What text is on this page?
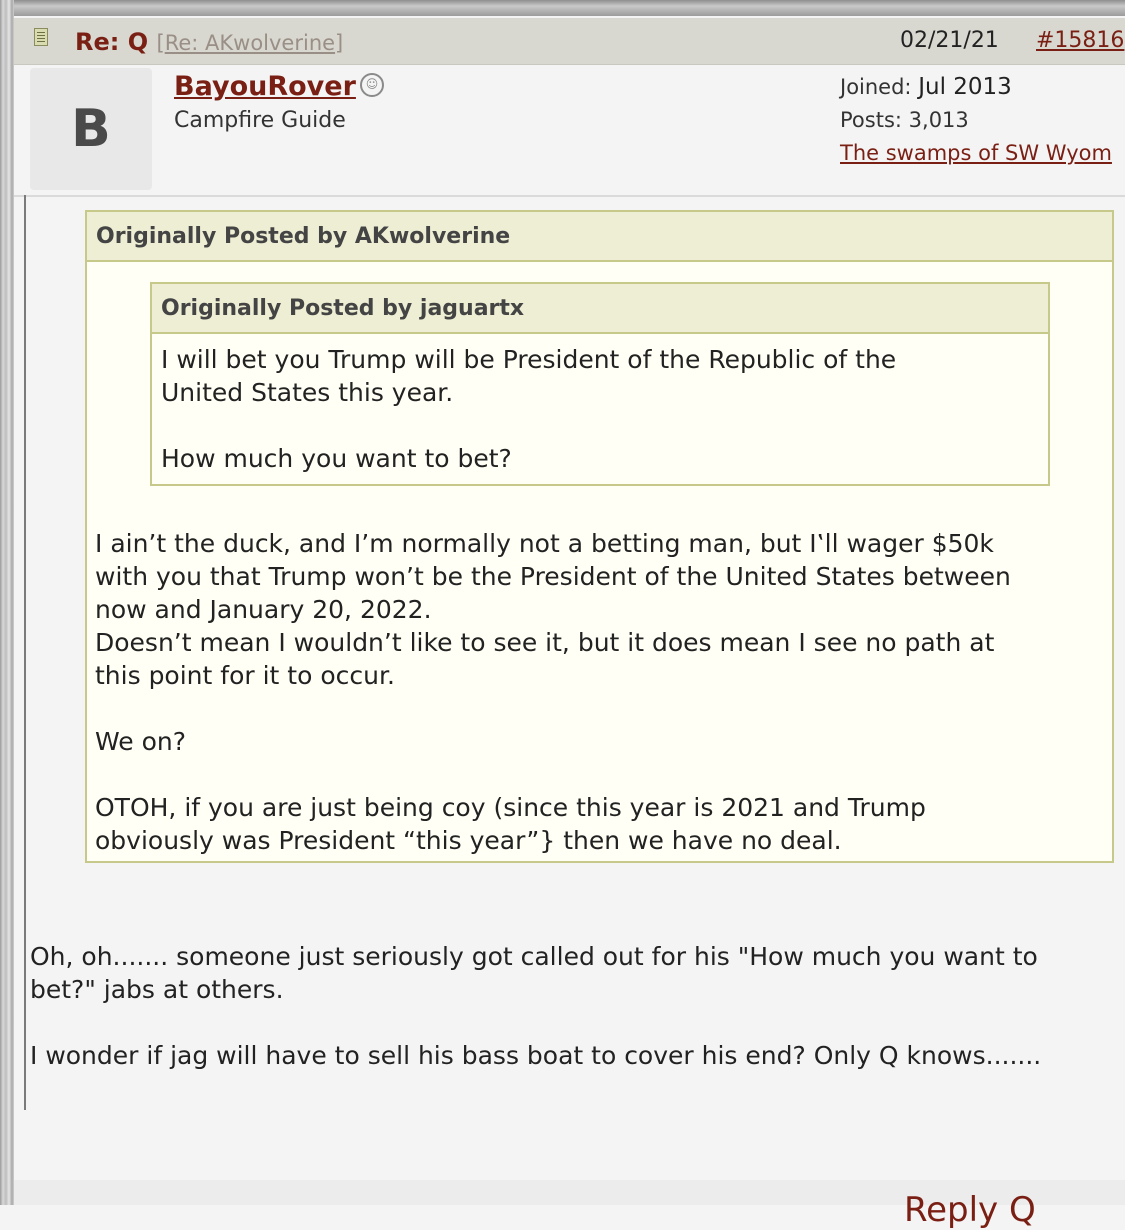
Re: Q [Re: AKwolverine]	02/21/21 #15816
B
BayouRover ☺
Campfire Guide
Joined: Jul 2013
Posts: 3,013
The swamps of SW Wyom
Originally Posted by AKwolverine
Originally Posted by jaguartx

I will bet you Trump will be President of the Republic of the

United States this year.

How much you want to bet?

I ain’t the duck, and I’m normally not a betting man, but I‛ll wager $50k

with you that Trump won’t be the President of the United States between

now and January 20, 2022.

Doesn’t mean I wouldn’t like to see it, but it does mean I see no path at

this point for it to occur.

We on?

OTOH, if you are just being coy (since this year is 2021 and Trump

obviously was President “this year”} then we have no deal.

Oh, oh....... someone just seriously got called out for his "How much you want to

bet?" jabs at others.

I wonder if jag will have to sell his bass boat to cover his end? Only Q knows.......

Reply Q
